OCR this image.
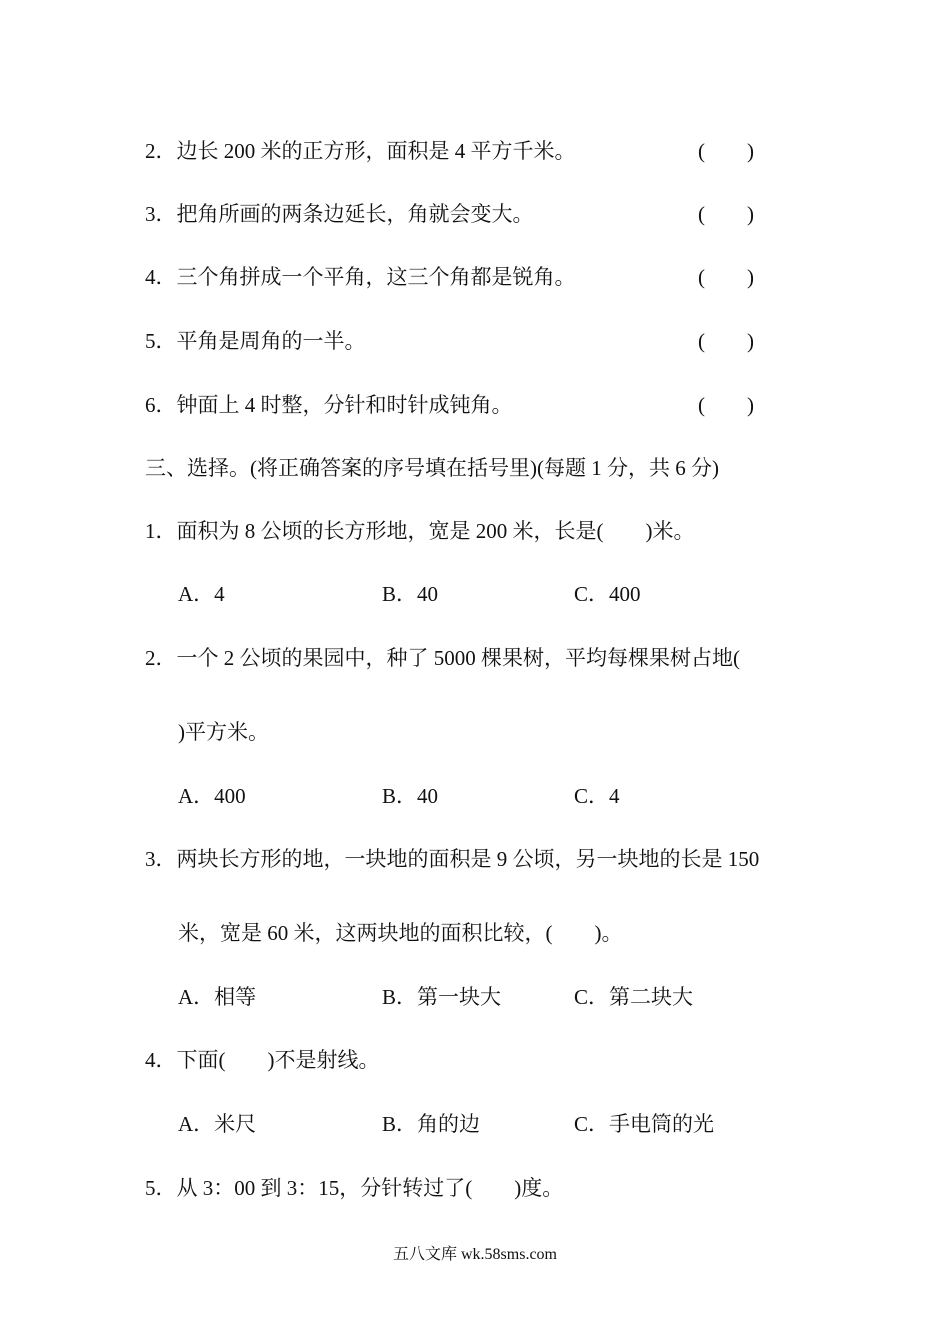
2．边长 200 米的正方形，面积是 4 平方千米。	(　　)
3．把角所画的两条边延长，角就会变大。	(　　)
4．三个角拼成一个平角，这三个角都是锐角。	(　　)
5．平角是周角的一半。	(　　)
6．钟面上 4 时整，分针和时针成钝角。	(　　)
三、选择。(将正确答案的序号填在括号里)(每题 1 分，共 6 分)
1．面积为 8 公顷的长方形地，宽是 200 米，长是(　　)米。
A．4	B．40	C．400
2．一个 2 公顷的果园中，种了 5000 棵果树，平均每棵果树占地(
)平方米。
A．400	B．40	C．4
3．两块长方形的地，一块地的面积是 9 公顷，另一块地的长是 150
米，宽是 60 米，这两块地的面积比较，(　　)。
A．相等	B．第一块大	C．第二块大
4．下面(　　)不是射线。
A．米尺	B．角的边	C．手电筒的光
5．从 3：00 到 3：15，分针转过了(　　)度。
五八文库 wk.58sms.com
